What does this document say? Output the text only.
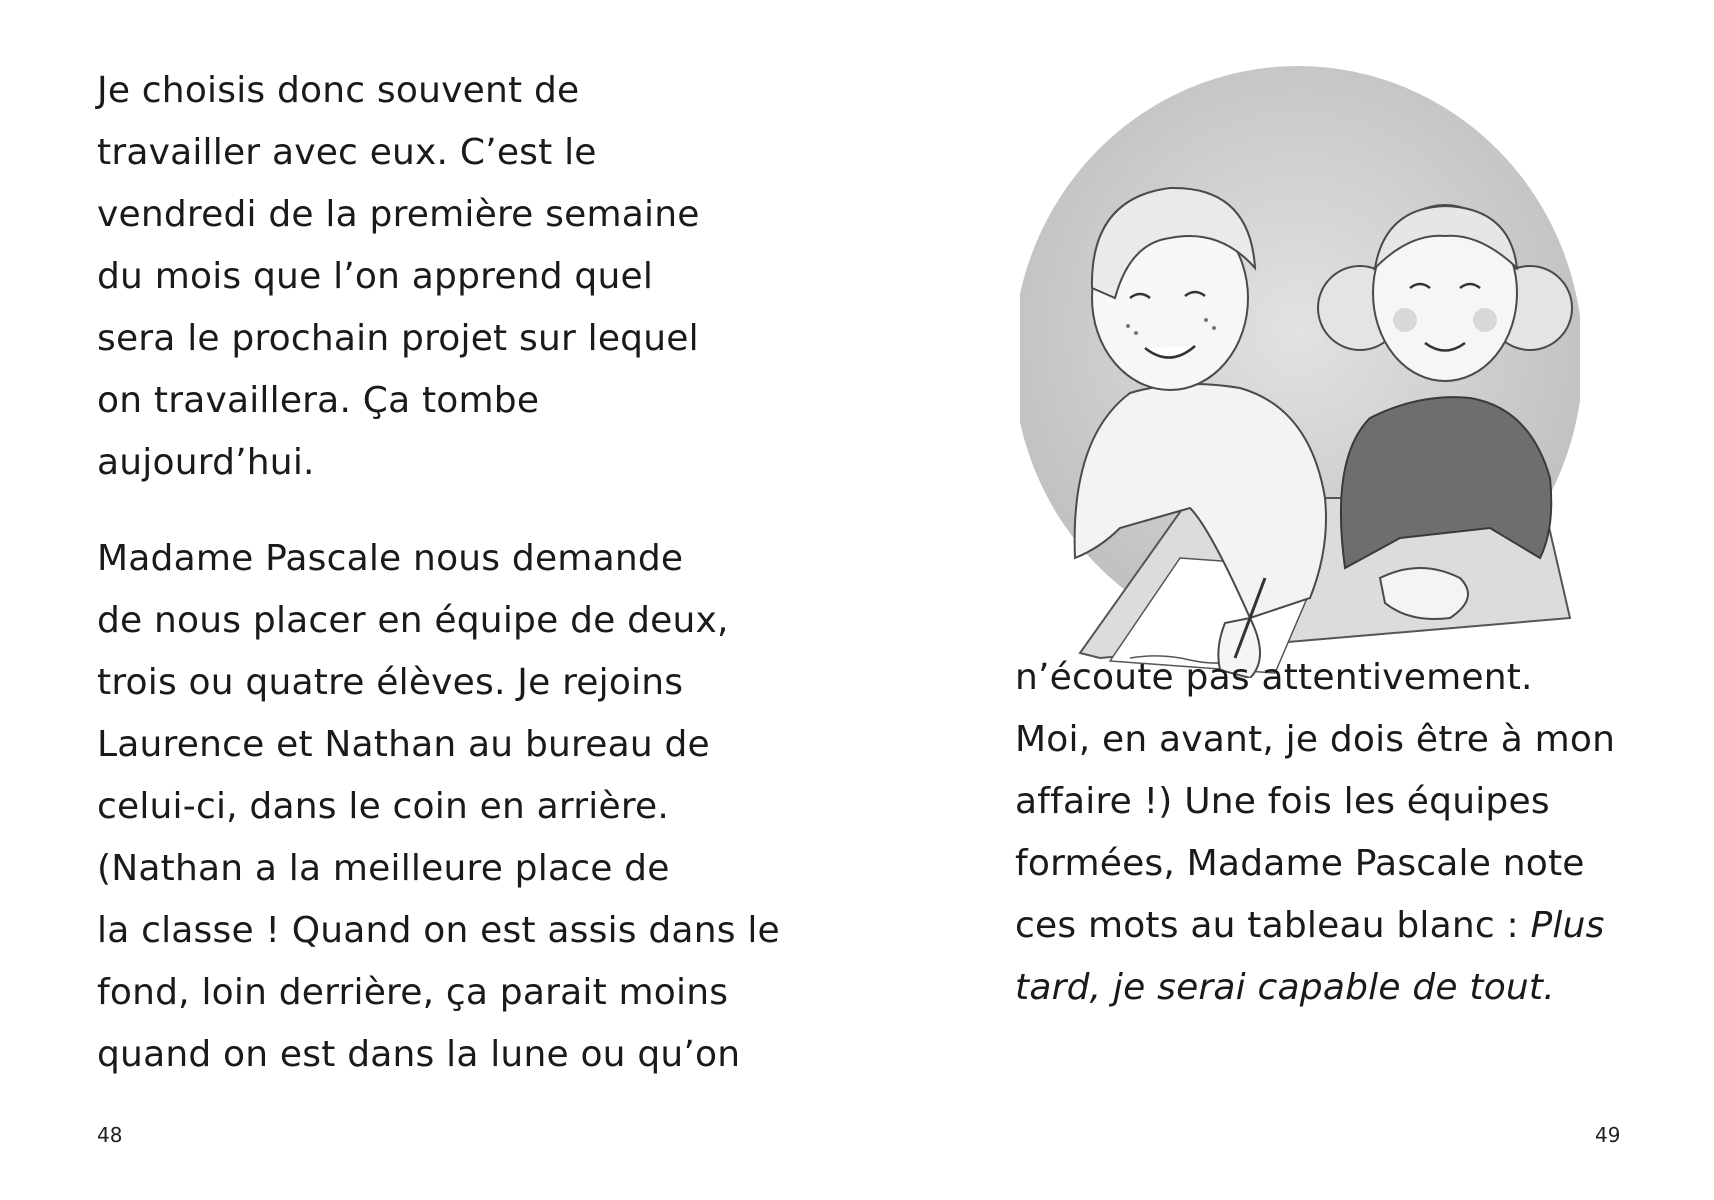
Je choisis donc souvent de
travailler avec eux. C’est le
vendredi de la première semaine
du mois que l’on apprend quel
sera le prochain projet sur lequel
on travaillera. Ça tombe
aujourd’hui.
Madame Pascale nous demande
de nous placer en équipe de deux,
trois ou quatre élèves. Je rejoins
Laurence et Nathan au bureau de
celui-ci, dans le coin en arrière.
(Nathan a la meilleure place de
la classe ! Quand on est assis dans le
fond, loin derrière, ça parait moins
quand on est dans la lune ou qu’on
48
n’écoute pas attentivement.
Moi, en avant, je dois être à mon
affaire !) Une fois les équipes
formées, Madame Pascale note
ces mots au tableau blanc : Plus
tard, je serai capable de tout.
49
